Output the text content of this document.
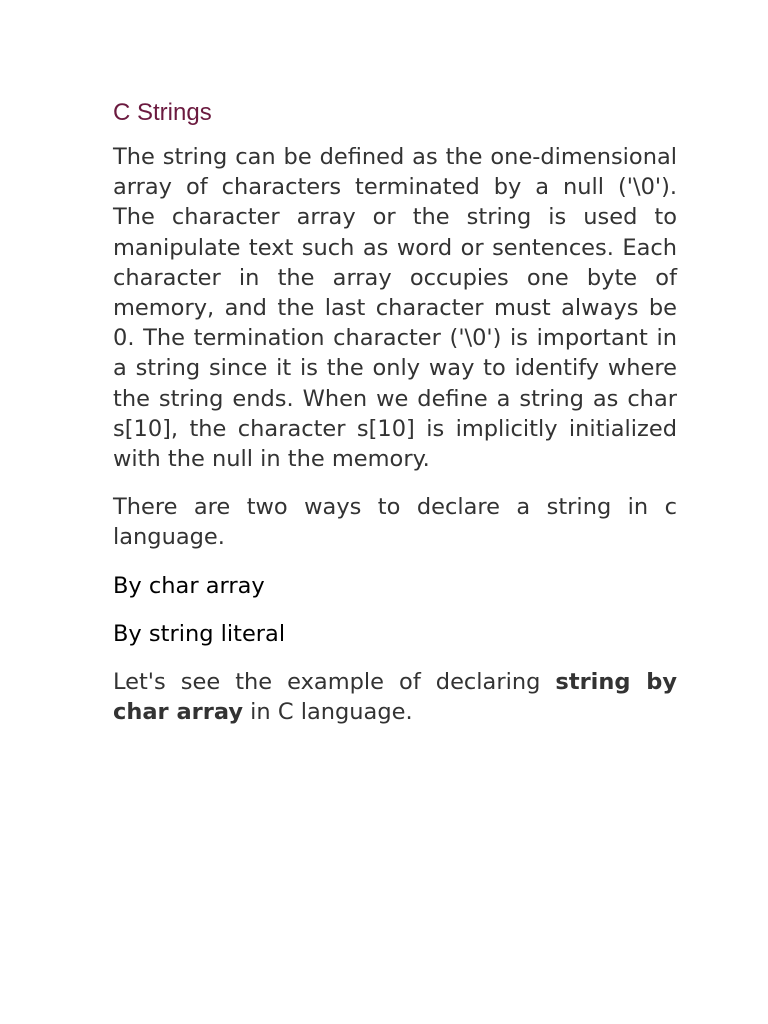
C Strings

The string can be defined as the one-dimensional array of characters terminated by a null ('\0'). The character array or the string is used to manipulate text such as word or sentences. Each character in the array occupies one byte of memory, and the last character must always be 0. The termination character ('\0') is important in a string since it is the only way to identify where the string ends. When we define a string as char s[10], the character s[10] is implicitly initialized with the null in the memory.

There are two ways to declare a string in c language.

By char array

By string literal

Let's see the example of declaring string by char array in C language.
